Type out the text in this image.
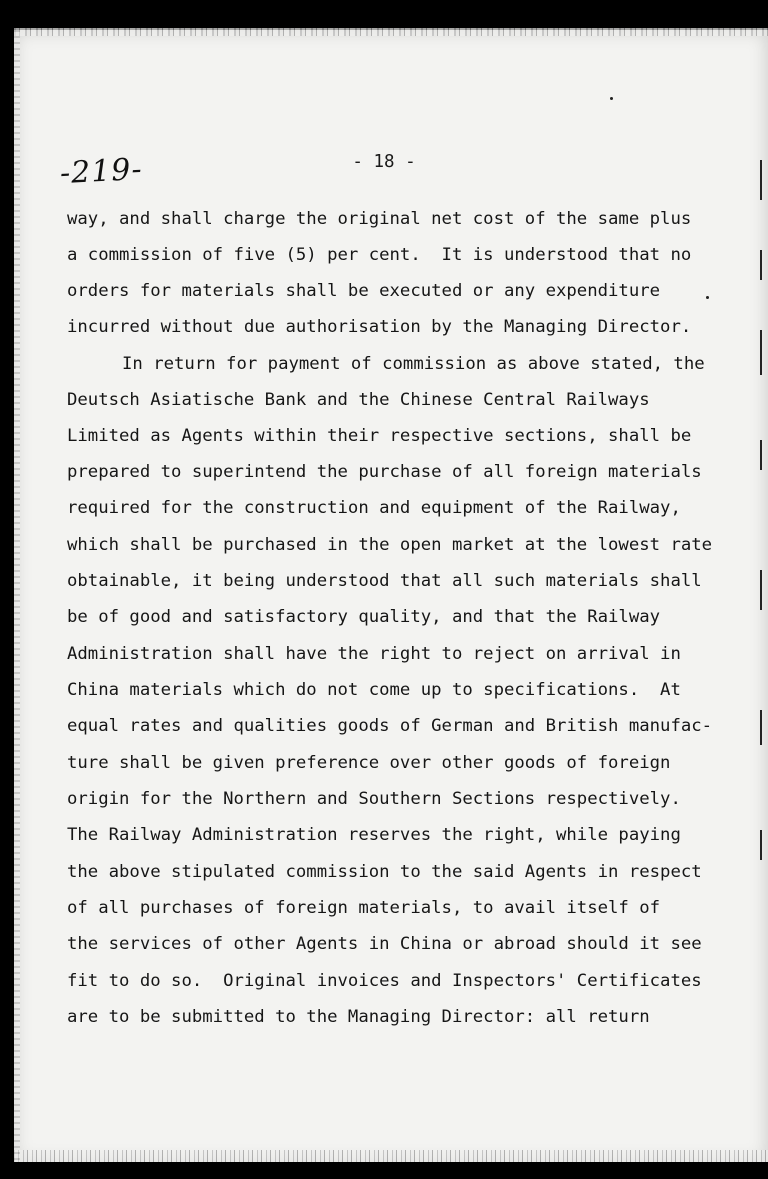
-219-	- 18 -
way, and shall charge the original net cost of the same plus
a commission of five (5) per cent.  It is understood that no
orders for materials shall be executed or any expenditure
incurred without due authorisation by the Managing Director.
In return for payment of commission as above stated, the
Deutsch Asiatische Bank and the Chinese Central Railways
Limited as Agents within their respective sections, shall be
prepared to superintend the purchase of all foreign materials
required for the construction and equipment of the Railway,
which shall be purchased in the open market at the lowest rate
obtainable, it being understood that all such materials shall
be of good and satisfactory quality, and that the Railway
Administration shall have the right to reject on arrival in
China materials which do not come up to specifications.  At
equal rates and qualities goods of German and British manufac-
ture shall be given preference over other goods of foreign
origin for the Northern and Southern Sections respectively.
The Railway Administration reserves the right, while paying
the above stipulated commission to the said Agents in respect
of all purchases of foreign materials, to avail itself of
the services of other Agents in China or abroad should it see
fit to do so.  Original invoices and Inspectors' Certificates
are to be submitted to the Managing Director: all return
